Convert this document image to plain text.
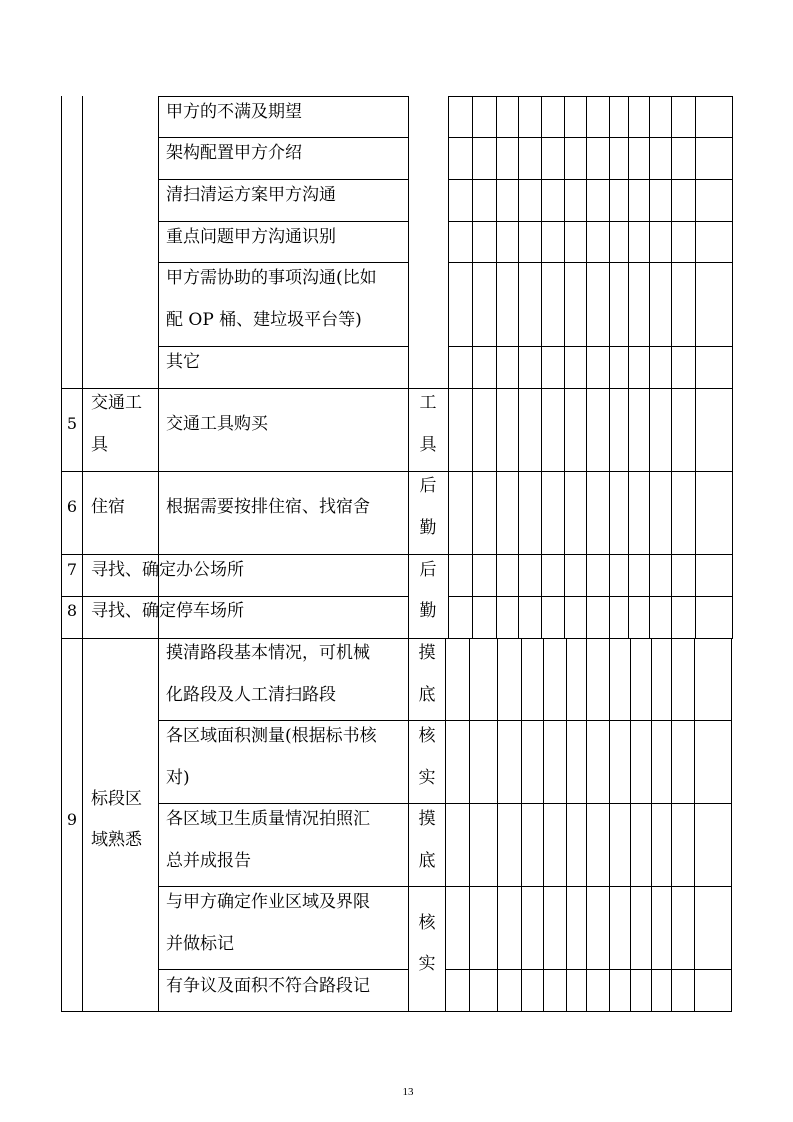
甲方的不满及期望
架构配置甲方介绍
清扫清运方案甲方沟通
重点问题甲方沟通识别
甲方需协助的事项沟通(比如
配 OP 桶、建垃圾平台等)
其它
5
交通工
具
交通工具购买
工
具
6 住宿 根据需要按排住宿、找宿舍
后
勤
7 寻找、确定办公场所	后
8 寻找、确定停车场所	勤
9
标段区
域熟悉
摸清路段基本情况，可机械
化路段及人工清扫路段
摸
底
各区域面积测量(根据标书核
对)
核
实
各区域卫生质量情况拍照汇
总并成报告
摸
底
与甲方确定作业区域及界限
并做标记
核
实
有争议及面积不符合路段记
13
